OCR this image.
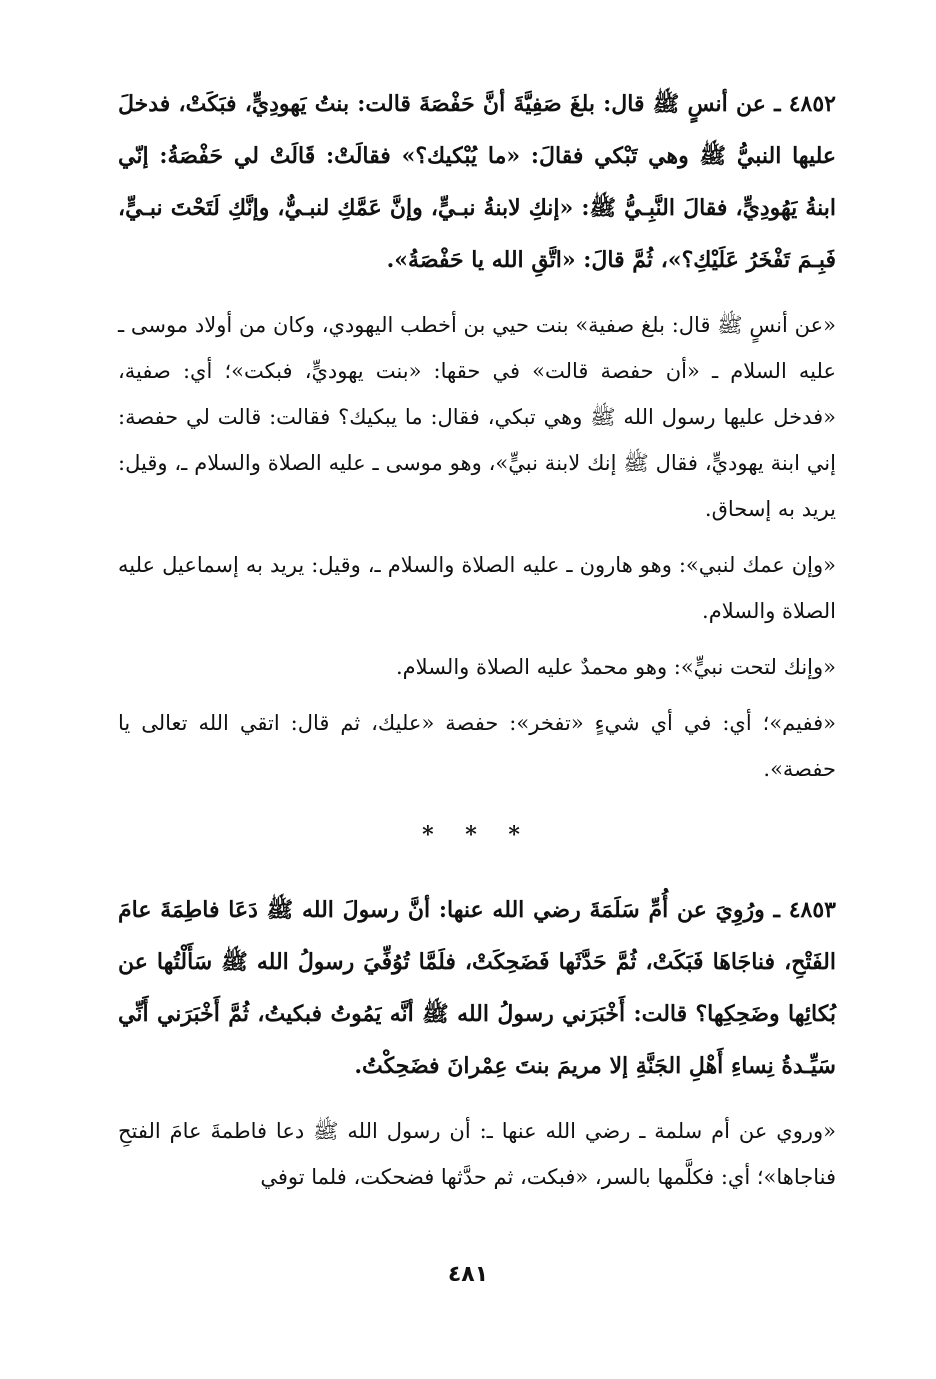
٤٨٥٢ ـ عن أنسٍ ﷺ قال: بلغَ صَفِيَّةَ أنَّ حَفْصَةَ قالت: بنتُ يَهودِيٍّ، فبَكَتْ، فدخلَ عليها النبيُّ ﷺ وهي تَبْكي فقالَ: «ما يُبْكيك؟» فقالَتْ: قَالَتْ لي حَفْصَةُ: إنّي ابنةُ يَهُودِيٍّ، فقالَ النَّبِـيُّ ﷺ: «إنكِ لابنةُ نبـيٍّ، وإنَّ عَمَّكِ لنبـيٌّ، وإنَّكِ لَتَحْتَ نبـيٍّ، فَبِـمَ تَفْخَرُ عَلَيْكِ؟»، ثُمَّ قالَ: «اتَّقِ الله يا حَفْصَةُ».

«عن أنسٍ ﷺ قال: بلغ صفية» بنت حيي بن أخطب اليهودي، وكان من أولاد موسى ـ عليه السلام ـ «أن حفصة قالت» في حقها: «بنت يهوديٍّ، فبكت»؛ أي: صفية، «فدخل عليها رسول الله ﷺ وهي تبكي، فقال: ما يبكيك؟ فقالت: قالت لي حفصة: إني ابنة يهوديٍّ، فقال ﷺ إنك لابنة نبيٍّ»، وهو موسى ـ عليه الصلاة والسلام ـ، وقيل: يريد به إسحاق.

«وإن عمك لنبي»: وهو هارون ـ عليه الصلاة والسلام ـ، وقيل: يريد به إسماعيل عليه الصلاة والسلام.

«وإنك لتحت نبيٍّ»: وهو محمدٌ عليه الصلاة والسلام.

«ففيم»؛ أي: في أي شيءٍ «تفخر»: حفصة «عليك، ثم قال: اتقي الله تعالى يا حفصة».

* * *

٤٨٥٣ ـ ورُوِيَ عن أُمِّ سَلَمَةَ رضي الله عنها: أنَّ رسولَ الله ﷺ دَعَا فاطِمَةَ عامَ الفَتْحِ، فناجَاهَا فَبَكَتْ، ثُمَّ حَدَّثَها فَضَحِكَتْ، فلَمَّا تُوُفِّيَ رسولُ الله ﷺ سَأَلْتُها عن بُكائِها وضَحِكِها؟ قالت: أَخْبَرَني رسولُ الله ﷺ أنَّه يَمُوتُ فبكيتُ، ثُمَّ أَخْبَرَني أَنِّي سَيِّـدةُ نِساءِ أَهْلِ الجَنَّةِ إلا مريمَ بنتَ عِمْرانَ فضَحِكْتُ.

«وروي عن أم سلمة ـ رضي الله عنها ـ: أن رسول الله ﷺ دعا فاطمةَ عامَ الفتحِ فناجاها»؛ أي: فكلَّمها بالسر، «فبكت، ثم حدَّثها فضحكت، فلما توفي

٤٨١
